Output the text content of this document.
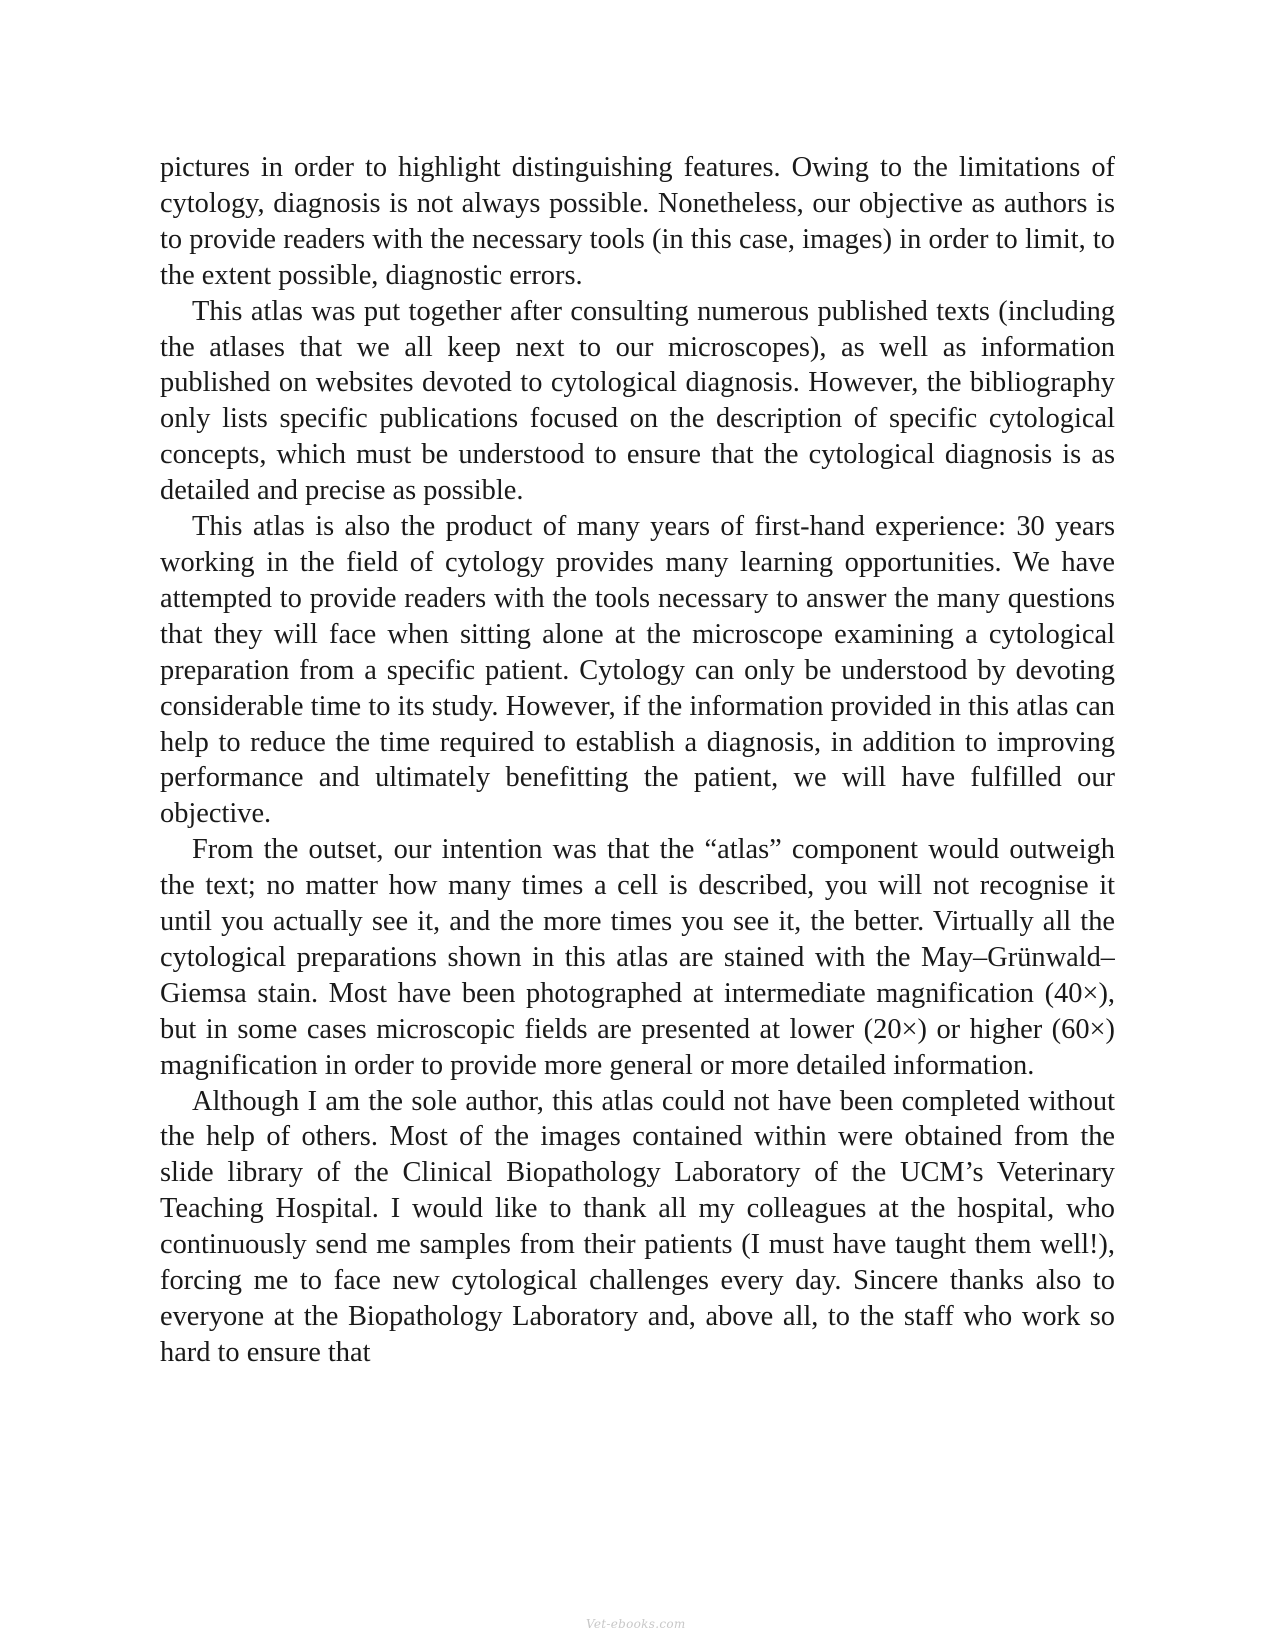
pictures in order to highlight distinguishing features. Owing to the limitations of cytology, diagnosis is not always possible. Nonetheless, our objective as authors is to provide readers with the necessary tools (in this case, images) in order to limit, to the extent possible, diagnostic errors.

This atlas was put together after consulting numerous published texts (including the atlases that we all keep next to our microscopes), as well as information published on websites devoted to cytological diagnosis. However, the bibliography only lists specific publications focused on the description of specific cytological concepts, which must be understood to ensure that the cytological diagnosis is as detailed and precise as possible.

This atlas is also the product of many years of first-hand experience: 30 years working in the field of cytology provides many learning opportunities. We have attempted to provide readers with the tools necessary to answer the many questions that they will face when sitting alone at the microscope examining a cytological preparation from a specific patient. Cytology can only be understood by devoting considerable time to its study. However, if the information provided in this atlas can help to reduce the time required to establish a diagnosis, in addition to improving performance and ultimately benefitting the patient, we will have fulfilled our objective.

From the outset, our intention was that the “atlas” component would outweigh the text; no matter how many times a cell is described, you will not recognise it until you actually see it, and the more times you see it, the better. Virtually all the cytological preparations shown in this atlas are stained with the May–Grünwald–Giemsa stain. Most have been photographed at intermediate magnification (40×), but in some cases microscopic fields are presented at lower (20×) or higher (60×) magnification in order to provide more general or more detailed information.

Although I am the sole author, this atlas could not have been completed without the help of others. Most of the images contained within were obtained from the slide library of the Clinical Biopathology Laboratory of the UCM’s Veterinary Teaching Hospital. I would like to thank all my colleagues at the hospital, who continuously send me samples from their patients (I must have taught them well!), forcing me to face new cytological challenges every day. Sincere thanks also to everyone at the Biopathology Laboratory and, above all, to the staff who work so hard to ensure that

Vet-ebooks.com
